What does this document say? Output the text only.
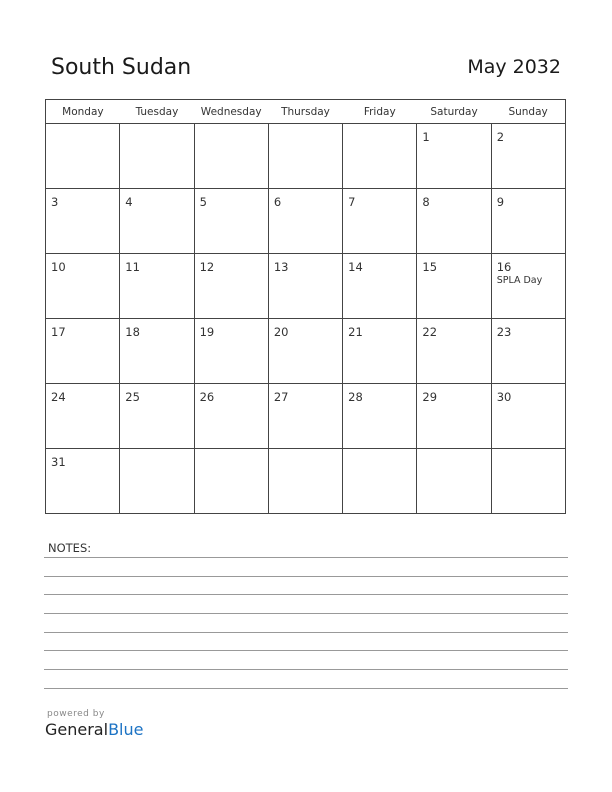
South Sudan	May 2032
Monday	Tuesday	Wednesday	Thursday	Friday	Saturday	Sunday

					1	2

3	4	5	6	7	8	9

10	11	12	13	14	15	16
SPLA Day

17	18	19	20	21	22	23

24	25	26	27	28	29	30

31						

NOTES:
powered by
GeneralBlue
